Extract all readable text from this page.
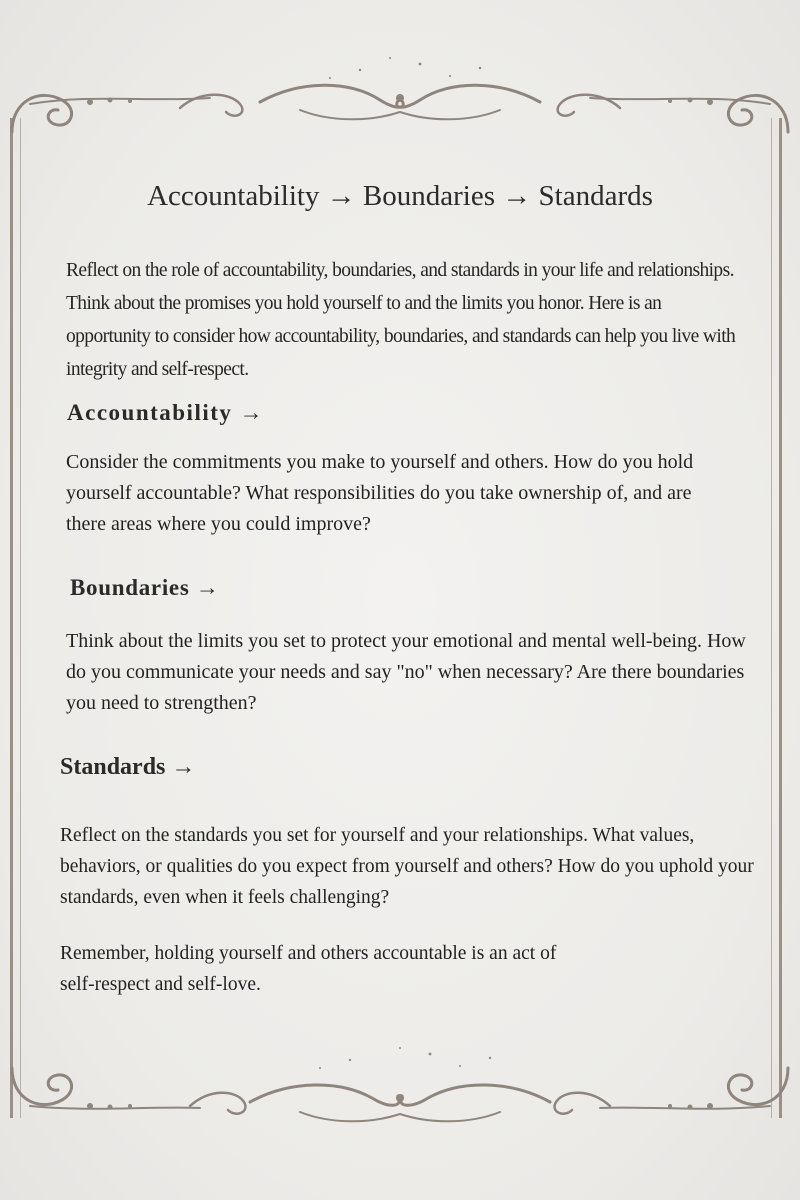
Accountability → Boundaries → Standards
Reflect on the role of accountability, boundaries, and standards in your life and relationships. Think about the promises you hold yourself to and the limits you honor. Here is an opportunity to consider how accountability, boundaries, and standards can help you live with integrity and self-respect.
Accountability →
Consider the commitments you make to yourself and others. How do you hold yourself accountable? What responsibilities do you take ownership of, and are there areas where you could improve?
Boundaries →
Think about the limits you set to protect your emotional and mental well-being. How do you communicate your needs and say "no" when necessary? Are there boundaries you need to strengthen?
Standards →
Reflect on the standards you set for yourself and your relationships. What values, behaviors, or qualities do you expect from yourself and others? How do you uphold your standards, even when it feels challenging?
Remember, holding yourself and others accountable is an act of self-respect and self-love.
